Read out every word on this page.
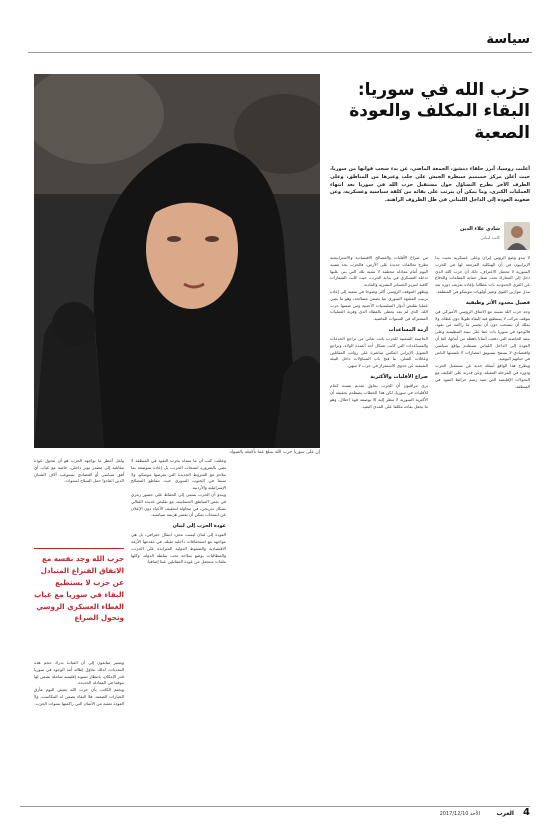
سياسة
إن على سوريا حزب الله يبتلع عما بأكمله بالسواد
حزب الله في سوريا:
البقاء المكلف والعودة
الصعبة
أعلنت روسيا، أبرز حلفاء دمشق، الجمعة الماضي، عن بدء سحب قواتها من سوريا، حيث أعلن مركز حميميم سيطرة الجيش على حلب وغيرها من المناطق، وعلى الطرف الآخر يطرح التساؤل حول مستقبل حزب الله في سوريا بعد انتهاء العمليات الكبرى، وما يمكن أن يترتب على بقائه من كلفة سياسية وعسكرية، وعن صعوبة العودة إلى الداخل اللبناني في ظل الظروف الراهنة.
شادي علاء الدين
كاتب لبناني

لا يبدو وضع الروس إيران وعلى عسكرية بحيث بدا الإيرانيون في أن الهيكلية المزمعة لها في الحرب السورية لا تحتمل الاعتراف، ذلك أن حزب الله الذي دخل إلى المعارك تحت شعار حماية المقامات والدفاع عن القرى الحدودية بات مطالبا بإعادة تعريف دوره بعد تبدل موازين القوى وتغير أولويات موسكو في المنطقة.

فصيل محدود الأثر وظيفية

وجد حزب الله نفسه مع الاتفاق الروسي الأميركي في موقف مركب لا يستطيع فيه البقاء طويلا دون غطاء، ولا يملك أن ينسحب دون أن يخسر ما راكمه من نفوذ، فالوجود في سوريا بات عبئا على بنيته التنظيمية وعلى بيئته الحاضنة التي دفعت أثمانا باهظة من أبنائها، كما أن العودة إلى الداخل اللبناني تصطدم بواقع سياسي واقتصادي لا يسمح بتسويق انتصارات لا يلمسها الناس في حياتهم اليومية.

ويطرح هذا الواقع أسئلة جدية عن مستقبل الحزب ودوره في المرحلة المقبلة، وعن قدرته على التكيف مع التحولات الإقليمية التي تعيد رسم خرائط النفوذ في المنطقة.

من صراع الأقليات والمصالح الاقتصادية والاستراتيجية تطرح تحالفات جديدة على الأرض، فالحزب يجد نفسه اليوم أمام معادلة مختلفة لا تشبه تلك التي بنى عليها تدخله العسكري في بداية الحرب، حيث كانت الشعارات كافية لتبرير الخسائر البشرية والمادية.

ويظهر الموقف الروسي أكثر وضوحا في سعيه إلى إعادة ترتيب المشهد السوري بما يضمن مصالحه، وهو ما يعني عمليا تقليص أدوار الميليشيات الأجنبية ومن ضمنها حزب الله، الذي لم يعد يحظى بالغطاء الذي وفرته العمليات المشتركة في السنوات الماضية.

أزمة المساعدات

الحاضنة الشعبية للحزب باتت تعاني من تراجع الخدمات والمساعدات التي كانت تشكل أحد أعمدة الولاء، وتراجع التمويل الإيراني انعكس مباشرة على رواتب المقاتلين وعائلات القتلى، ما فتح باب التساؤلات داخل البيئة الشيعية عن جدوى الاستمرار في حرب لا تنتهي.

صراع الأقليات والأكثرية

يرى مراقبون أن الحزب يحاول تقديم نفسه كحام للأقليات في سوريا، لكن هذا الخطاب يصطدم بحقيقة أن الأكثرية السورية لا تنظر إليه إلا بوصفه قوة احتلال، وهو ما يجعل بقاءه مكلفا على المدى البعيد.

وعلقت كتب أن ما سماه بحرب النفوذ في المنطقة لا تعني بالضرورة انسحاب الحزب، بل إعادة تموضعه بما يتلاءم مع الشروط الجديدة التي تفرضها موسكو، ولا سيما في الجنوب السوري حيث تتقاطع المصالح الإسرائيلية والأردنية.

ويبدو أن الحزب يسعى إلى الحفاظ على حضور رمزي في بعض المناطق الحساسة، مع تقليص عديده القتالي بشكل تدريجي، في محاولة لتخفيف الأعباء دون الإعلان عن انسحاب يمكن أن يفسر هزيمة سياسية.

عودة الحزب إلى لبنان

العودة إلى لبنان ليست مجرد انتقال جغرافي، بل هي مواجهة مع استحقاقات داخلية ثقيلة، في مقدمها الأزمة الاقتصادية والضغوط الدولية المتزايدة على الحزب، والمطالبات بوضع سلاحه تحت سلطة الدولة، وكلها ملفات ستجعل من عودة المقاتلين عبئا إضافيا.

ولعل أخطر ما يواجهه الحزب هو أن تتحول عودة مقاتليه إلى مصدر توتر داخلي، خاصة مع غياب أي أفق سياسي أو اقتصادي يستوعب آلاف الشبان الذين اعتادوا حمل السلاح لسنوات.

حزب الله وجد نفسه مع الاتفاق الفنزاع المتبادل عن حزب لا يستطيع البقاء في سوريا مع غياب الغطاء العسكري الروسي وتحول الصراع

ويشير متابعون إلى أن القيادة تدرك حجم هذه التحديات، لذلك تحاول إطالة أمد الوجود في سوريا قدر الإمكان، بانتظار تسوية إقليمية شاملة تضمن لها موقعا في المعادلة الجديدة.

ويختم الكاتب بأن حزب الله يعيش اليوم مأزق الخيارات الصعبة، فلا البقاء يضمن له المكاسب، ولا العودة تعفيه من الأثمان التي راكمتها سنوات الحرب.

4
العرب
الأحد 2017/12/10
